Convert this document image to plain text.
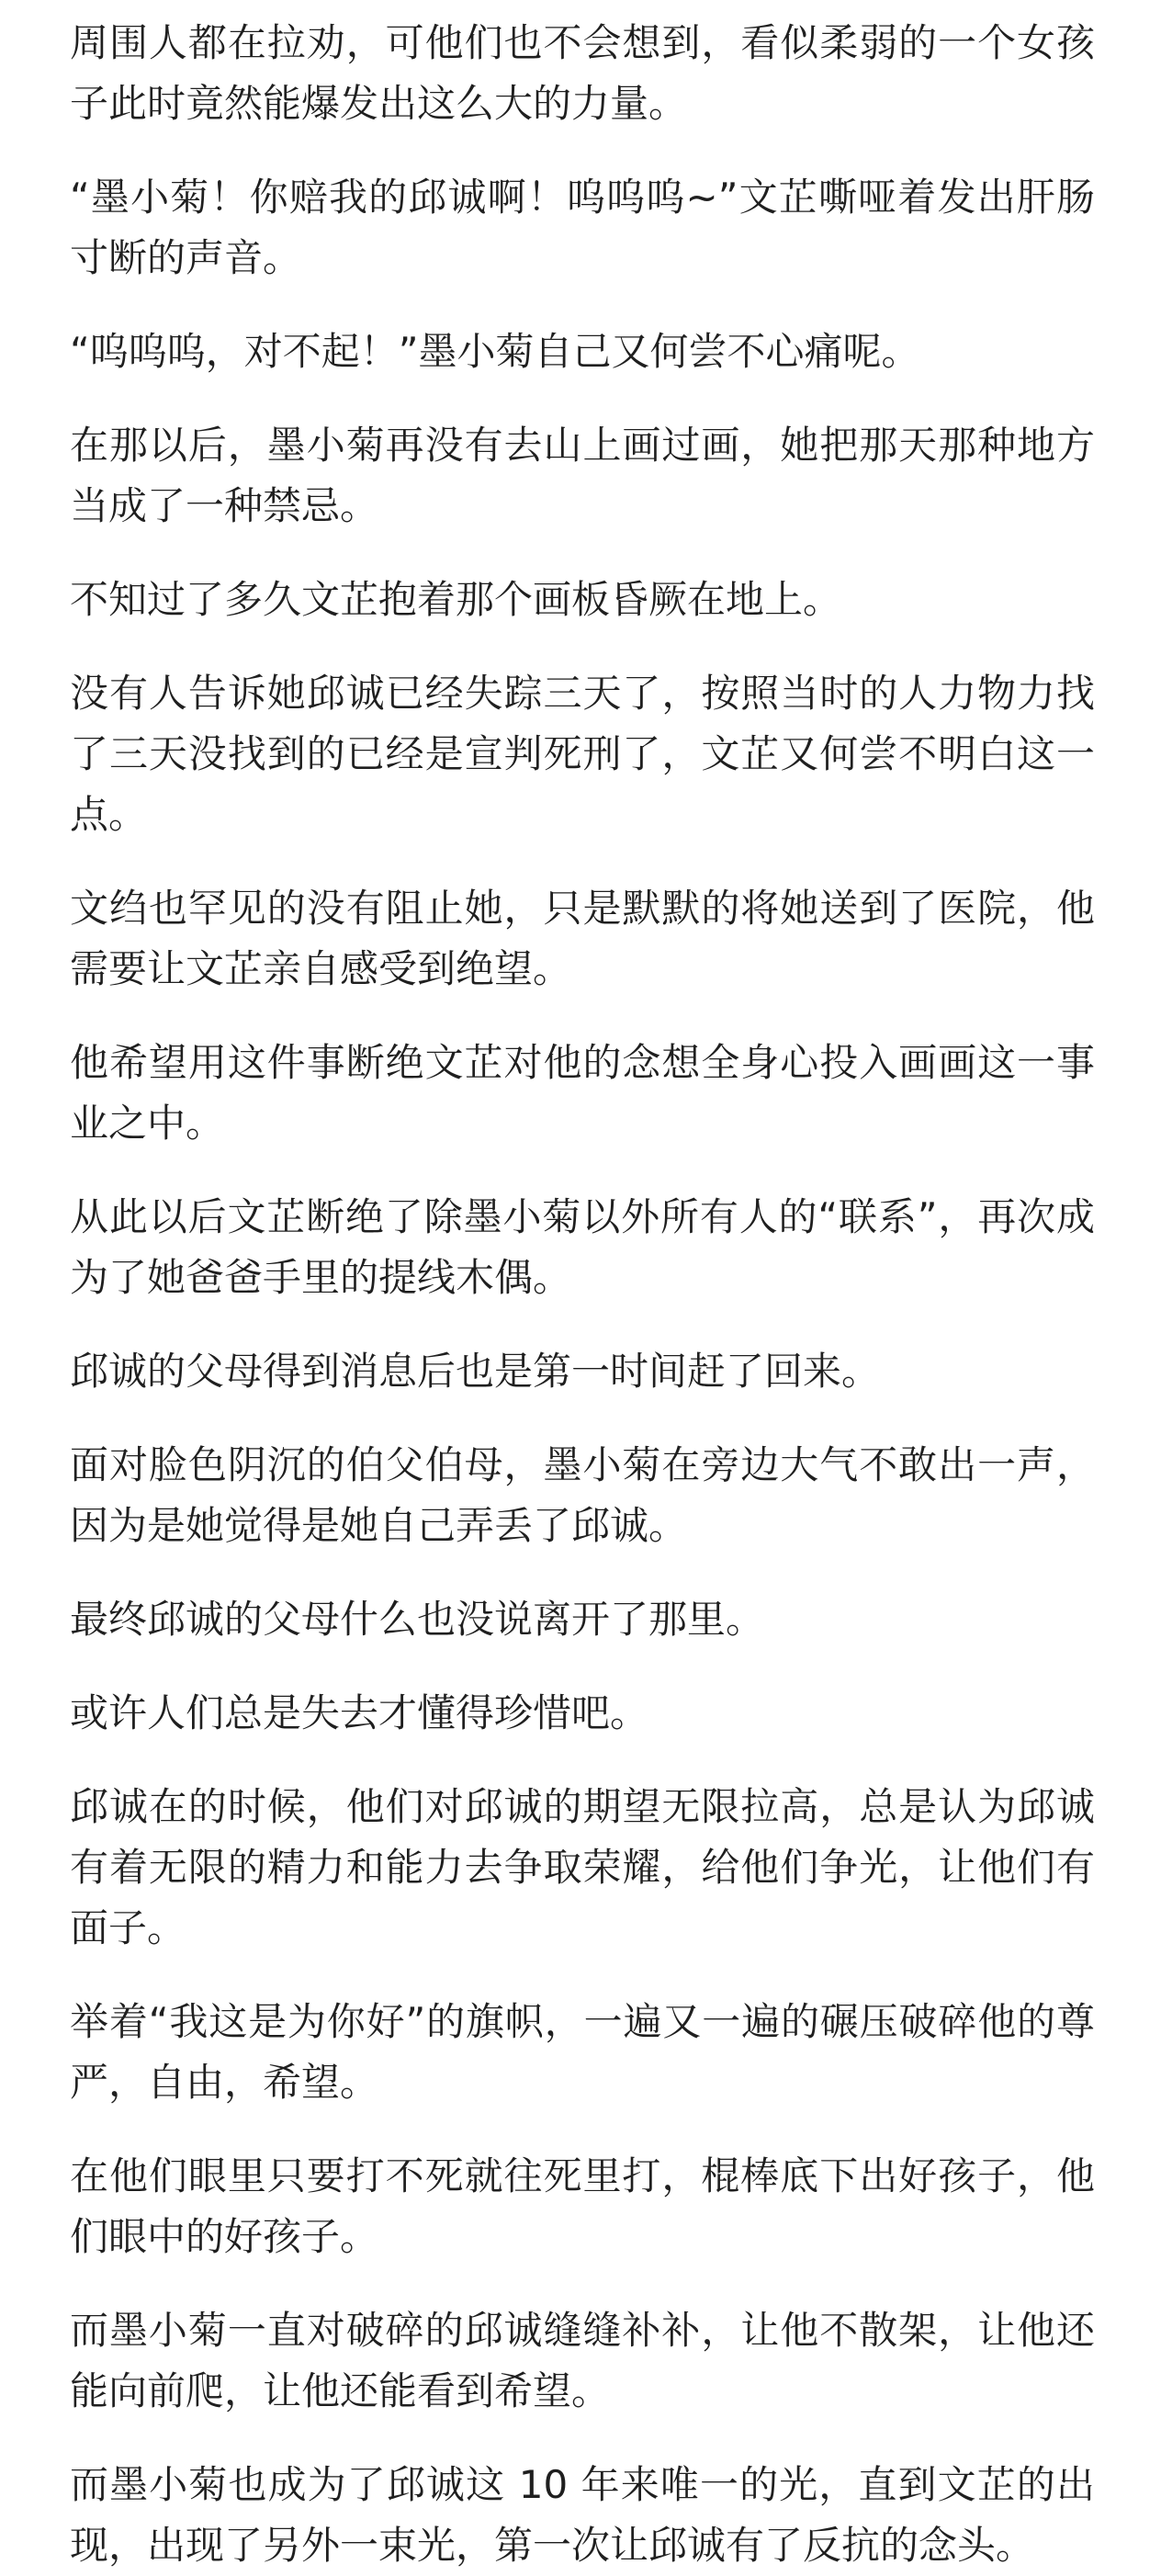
周围人都在拉劝，可他们也不会想到，看似柔弱的一个女孩子此时竟然能爆发出这么大的力量。

“墨小菊！你赔我的邱诚啊！呜呜呜~”文芷嘶哑着发出肝肠寸断的声音。

“呜呜呜，对不起！”墨小菊自己又何尝不心痛呢。

在那以后，墨小菊再没有去山上画过画，她把那天那种地方当成了一种禁忌。

不知过了多久文芷抱着那个画板昏厥在地上。

没有人告诉她邱诚已经失踪三天了，按照当时的人力物力找了三天没找到的已经是宣判死刑了，文芷又何尝不明白这一点。

文绉也罕见的没有阻止她，只是默默的将她送到了医院，他需要让文芷亲自感受到绝望。

他希望用这件事断绝文芷对他的念想全身心投入画画这一事业之中。

从此以后文芷断绝了除墨小菊以外所有人的“联系”，再次成为了她爸爸手里的提线木偶。

邱诚的父母得到消息后也是第一时间赶了回来。

面对脸色阴沉的伯父伯母，墨小菊在旁边大气不敢出一声，因为是她觉得是她自己弄丢了邱诚。

最终邱诚的父母什么也没说离开了那里。

或许人们总是失去才懂得珍惜吧。

邱诚在的时候，他们对邱诚的期望无限拉高，总是认为邱诚有着无限的精力和能力去争取荣耀，给他们争光，让他们有面子。

举着“我这是为你好”的旗帜，一遍又一遍的碾压破碎他的尊严，自由，希望。

在他们眼里只要打不死就往死里打，棍棒底下出好孩子，他们眼中的好孩子。

而墨小菊一直对破碎的邱诚缝缝补补，让他不散架，让他还能向前爬，让他还能看到希望。

而墨小菊也成为了邱诚这 10 年来唯一的光，直到文芷的出现，出现了另外一束光，第一次让邱诚有了反抗的念头。
